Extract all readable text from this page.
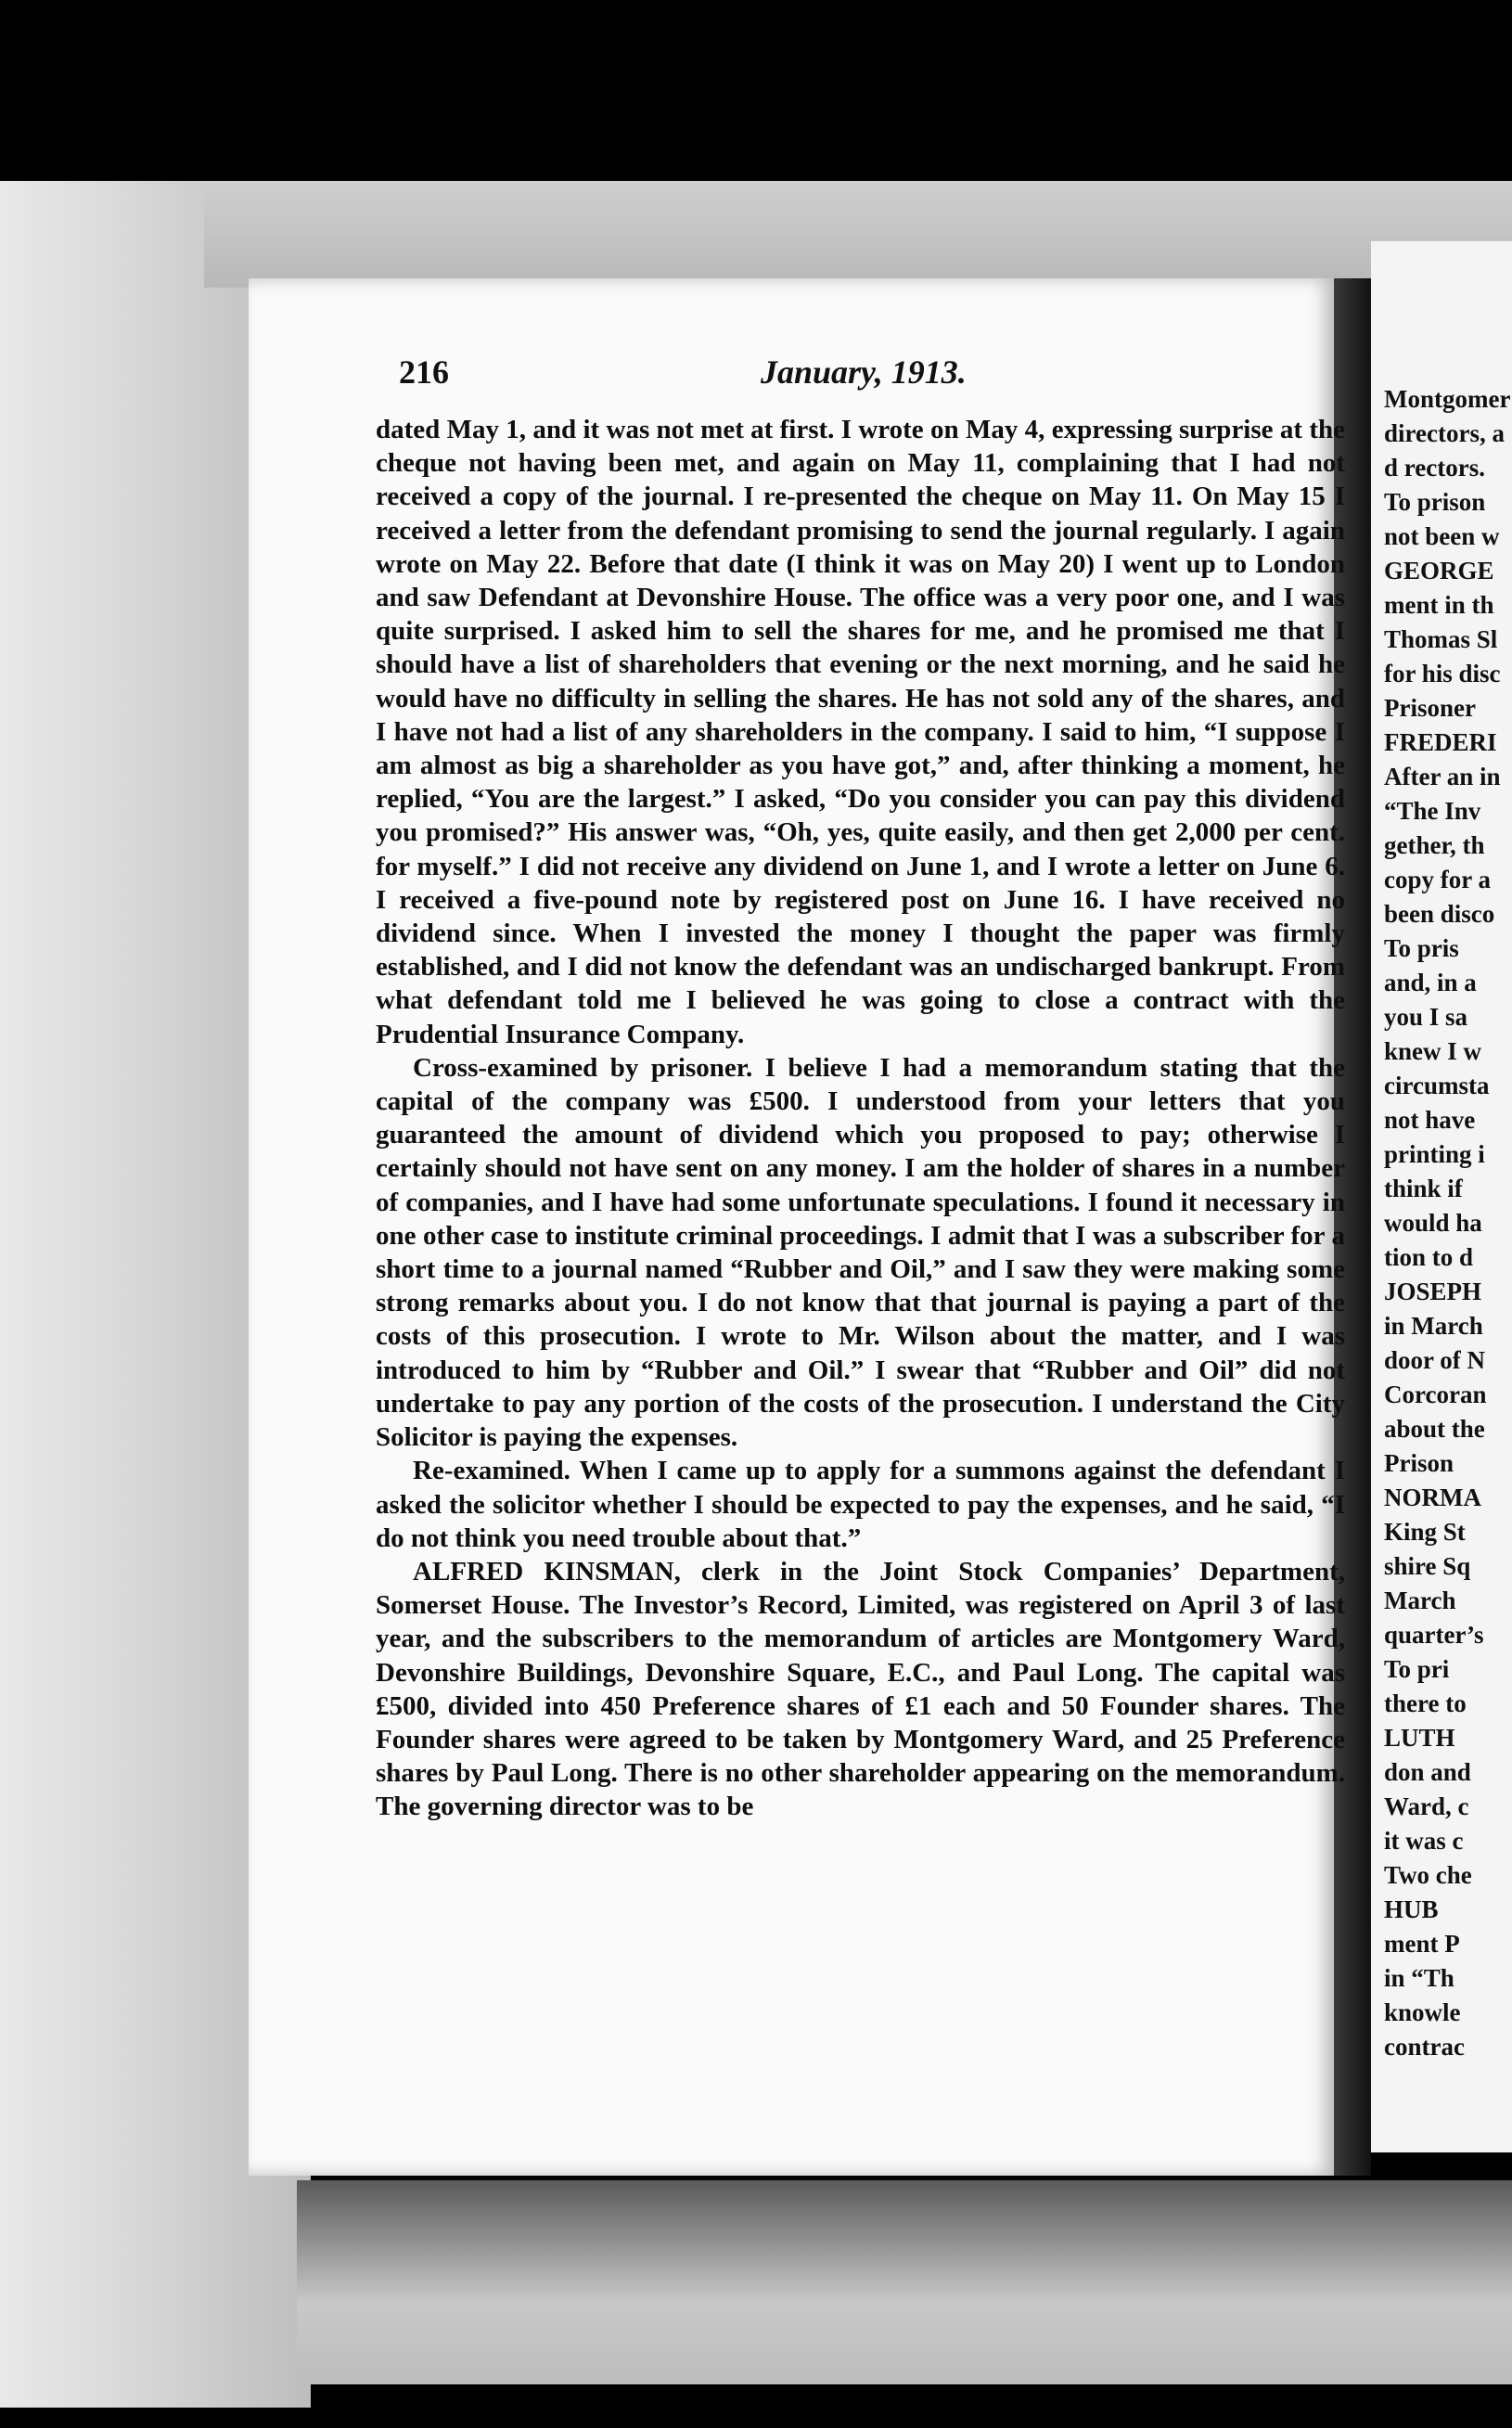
Montgomer

directors, a

d rectors.

To prison

not been w

GEORGE

ment in th

Thomas Sl

for his disc

Prisoner

FREDERI

After an in

“The Inv

gether, th

copy for a

been disco

To pris

and, in a

you I sa

knew I w

circumsta

not have

printing i

think if

would ha

tion to d

JOSEPH

in March

door of N

Corcoran

about the

Prison

NORMA

King St

shire Sq

March

quarter’s

To pri

there to

LUTH

don and

Ward, c

it was c

Two che

HUB

ment P

in “Th

knowle

contrac

216	January, 1913.

dated May 1, and it was not met at first. I wrote on May 4, expressing surprise at the cheque not having been met, and again on May 11, complaining that I had not received a copy of the journal. I re-presented the cheque on May 11. On May 15 I received a letter from the defendant promising to send the journal regularly. I again wrote on May 22. Before that date (I think it was on May 20) I went up to London and saw Defendant at Devonshire House. The office was a very poor one, and I was quite surprised. I asked him to sell the shares for me, and he promised me that I should have a list of shareholders that evening or the next morning, and he said he would have no difficulty in selling the shares. He has not sold any of the shares, and I have not had a list of any shareholders in the company. I said to him, “I suppose I am almost as big a shareholder as you have got,” and, after thinking a moment, he replied, “You are the largest.” I asked, “Do you consider you can pay this dividend you promised?” His answer was, “Oh, yes, quite easily, and then get 2,000 per cent. for myself.” I did not receive any dividend on June 1, and I wrote a letter on June 6. I received a five-pound note by registered post on June 16. I have received no dividend since. When I invested the money I thought the paper was firmly established, and I did not know the defendant was an undischarged bankrupt. From what defendant told me I believed he was going to close a contract with the Prudential Insurance Company.

Cross-examined by prisoner. I believe I had a memorandum stating that the capital of the company was £500. I understood from your letters that you guaranteed the amount of dividend which you proposed to pay; otherwise I certainly should not have sent on any money. I am the holder of shares in a number of companies, and I have had some unfortunate speculations. I found it necessary in one other case to institute criminal proceedings. I admit that I was a subscriber for a short time to a journal named “Rubber and Oil,” and I saw they were making some strong remarks about you. I do not know that that journal is paying a part of the costs of this prosecution. I wrote to Mr. Wilson about the matter, and I was introduced to him by “Rubber and Oil.” I swear that “Rubber and Oil” did not undertake to pay any portion of the costs of the prosecution. I understand the City Solicitor is paying the expenses.

Re-examined. When I came up to apply for a summons against the defendant I asked the solicitor whether I should be expected to pay the expenses, and he said, “I do not think you need trouble about that.”

ALFRED KINSMAN, clerk in the Joint Stock Companies’ Department, Somerset House. The Investor’s Record, Limited, was registered on April 3 of last year, and the subscribers to the memorandum of articles are Montgomery Ward, Devonshire Buildings, Devonshire Square, E.C., and Paul Long. The capital was £500, divided into 450 Preference shares of £1 each and 50 Founder shares. The Founder shares were agreed to be taken by Montgomery Ward, and 25 Preference shares by Paul Long. There is no other shareholder appearing on the memorandum. The governing director was to be
